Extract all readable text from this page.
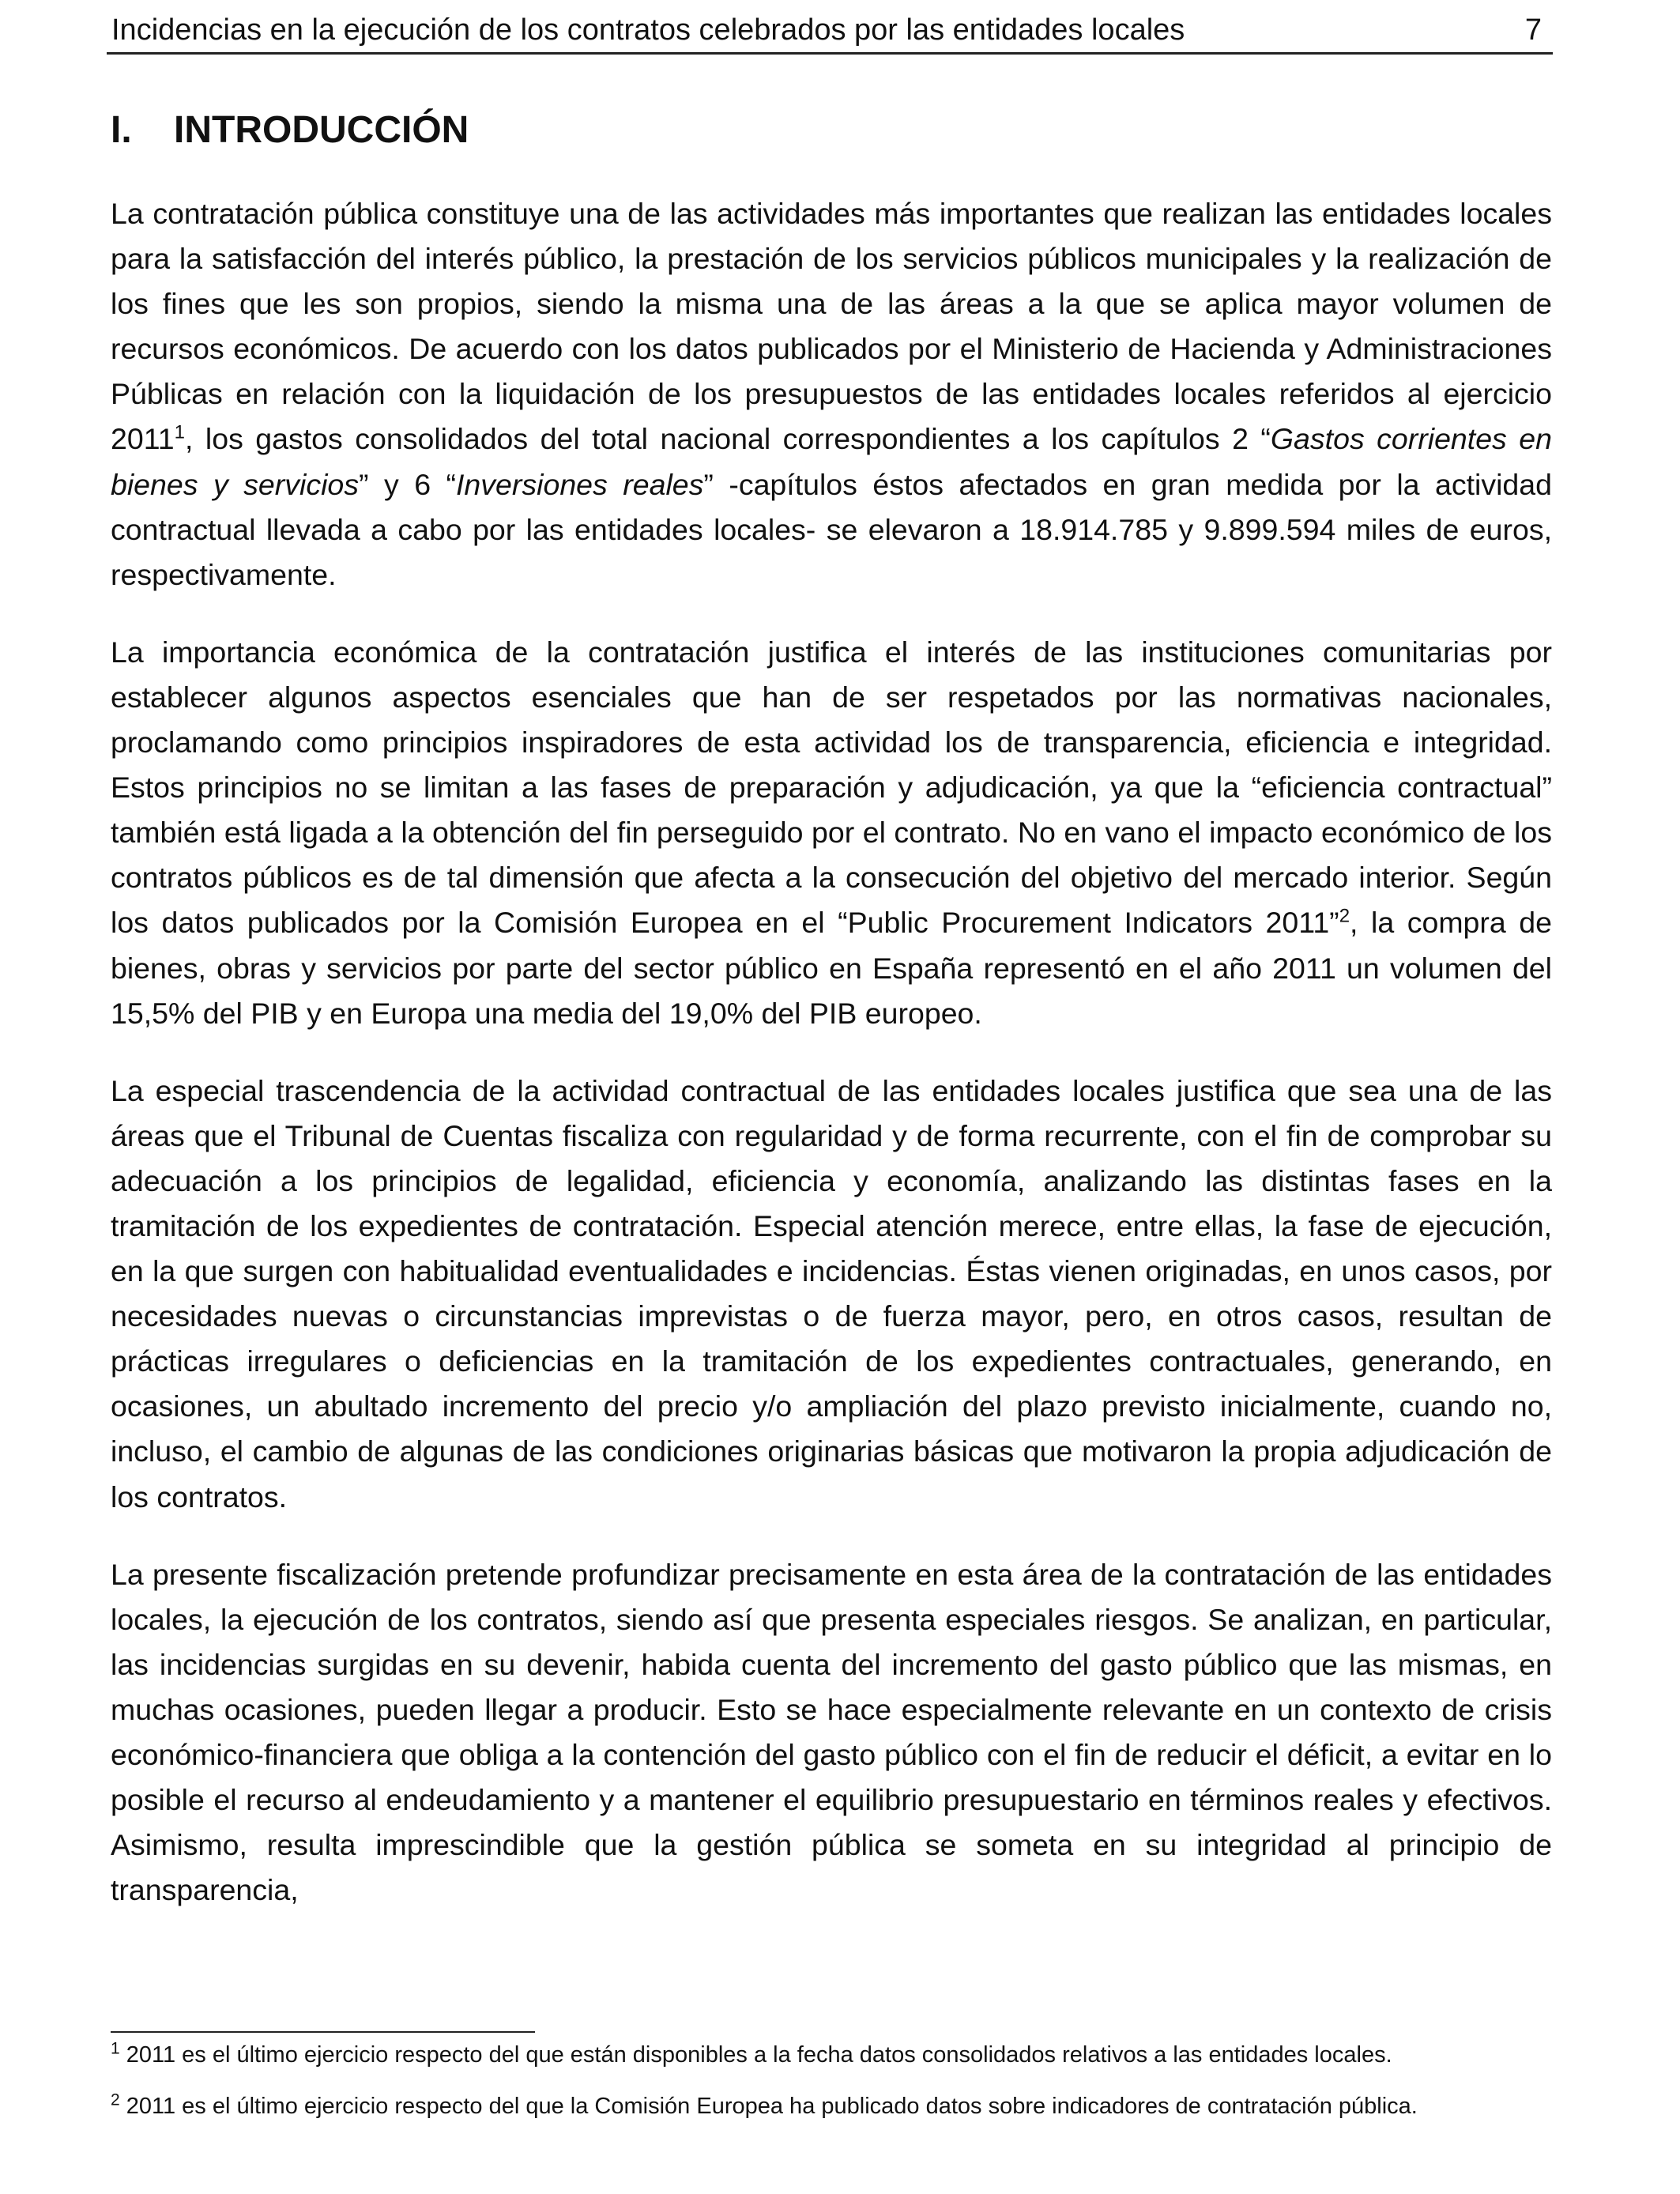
Incidencias en la ejecución de los contratos celebrados por las entidades locales	7
I. INTRODUCCIÓN

La contratación pública constituye una de las actividades más importantes que realizan las entidades locales para la satisfacción del interés público, la prestación de los servicios públicos municipales y la realización de los fines que les son propios, siendo la misma una de las áreas a la que se aplica mayor volumen de recursos económicos. De acuerdo con los datos publicados por el Ministerio de Hacienda y Administraciones Públicas en relación con la liquidación de los presupuestos de las entidades locales referidos al ejercicio 2011$^1$, los gastos consolidados del total nacional correspondientes a los capítulos 2 “Gastos corrientes en bienes y servicios” y 6 “Inversiones reales” -capítulos éstos afectados en gran medida por la actividad contractual llevada a cabo por las entidades locales- se elevaron a 18.914.785 y 9.899.594 miles de euros, respectivamente.

La importancia económica de la contratación justifica el interés de las instituciones comunitarias por establecer algunos aspectos esenciales que han de ser respetados por las normativas nacionales, proclamando como principios inspiradores de esta actividad los de transparencia, eficiencia e integridad. Estos principios no se limitan a las fases de preparación y adjudicación, ya que la “eficiencia contractual” también está ligada a la obtención del fin perseguido por el contrato. No en vano el impacto económico de los contratos públicos es de tal dimensión que afecta a la consecución del objetivo del mercado interior. Según los datos publicados por la Comisión Europea en el “Public Procurement Indicators 2011”$^2$, la compra de bienes, obras y servicios por parte del sector público en España representó en el año 2011 un volumen del 15,5% del PIB y en Europa una media del 19,0% del PIB europeo.

La especial trascendencia de la actividad contractual de las entidades locales justifica que sea una de las áreas que el Tribunal de Cuentas fiscaliza con regularidad y de forma recurrente, con el fin de comprobar su adecuación a los principios de legalidad, eficiencia y economía, analizando las distintas fases en la tramitación de los expedientes de contratación. Especial atención merece, entre ellas, la fase de ejecución, en la que surgen con habitualidad eventualidades e incidencias. Éstas vienen originadas, en unos casos, por necesidades nuevas o circunstancias imprevistas o de fuerza mayor, pero, en otros casos, resultan de prácticas irregulares o deficiencias en la tramitación de los expedientes contractuales, generando, en ocasiones, un abultado incremento del precio y/o ampliación del plazo previsto inicialmente, cuando no, incluso, el cambio de algunas de las condiciones originarias básicas que motivaron la propia adjudicación de los contratos.

La presente fiscalización pretende profundizar precisamente en esta área de la contratación de las entidades locales, la ejecución de los contratos, siendo así que presenta especiales riesgos. Se analizan, en particular, las incidencias surgidas en su devenir, habida cuenta del incremento del gasto público que las mismas, en muchas ocasiones, pueden llegar a producir. Esto se hace especialmente relevante en un contexto de crisis económico-financiera que obliga a la contención del gasto público con el fin de reducir el déficit, a evitar en lo posible el recurso al endeudamiento y a mantener el equilibrio presupuestario en términos reales y efectivos. Asimismo, resulta imprescindible que la gestión pública se someta en su integridad al principio de transparencia,

$^1$ 2011 es el último ejercicio respecto del que están disponibles a la fecha datos consolidados relativos a las entidades locales.

$^2$ 2011 es el último ejercicio respecto del que la Comisión Europea ha publicado datos sobre indicadores de contratación pública.
